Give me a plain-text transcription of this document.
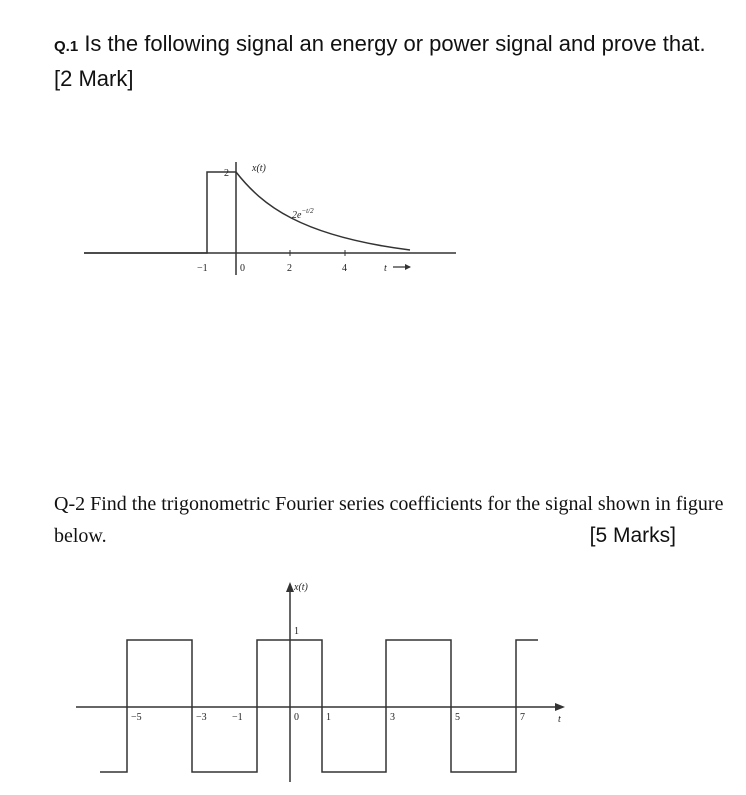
Q.1 Is the following signal an energy or power signal and prove that.
[2 Mark]
2 x(t)
$2e^{-t/2}$
−1	0	2	4	t
x(t)
1
−5	−3	−1	0	1	3	5	7	t
Q-2 Find the trigonometric Fourier series coefficients for the signal shown in figure below.	[5 Marks]
